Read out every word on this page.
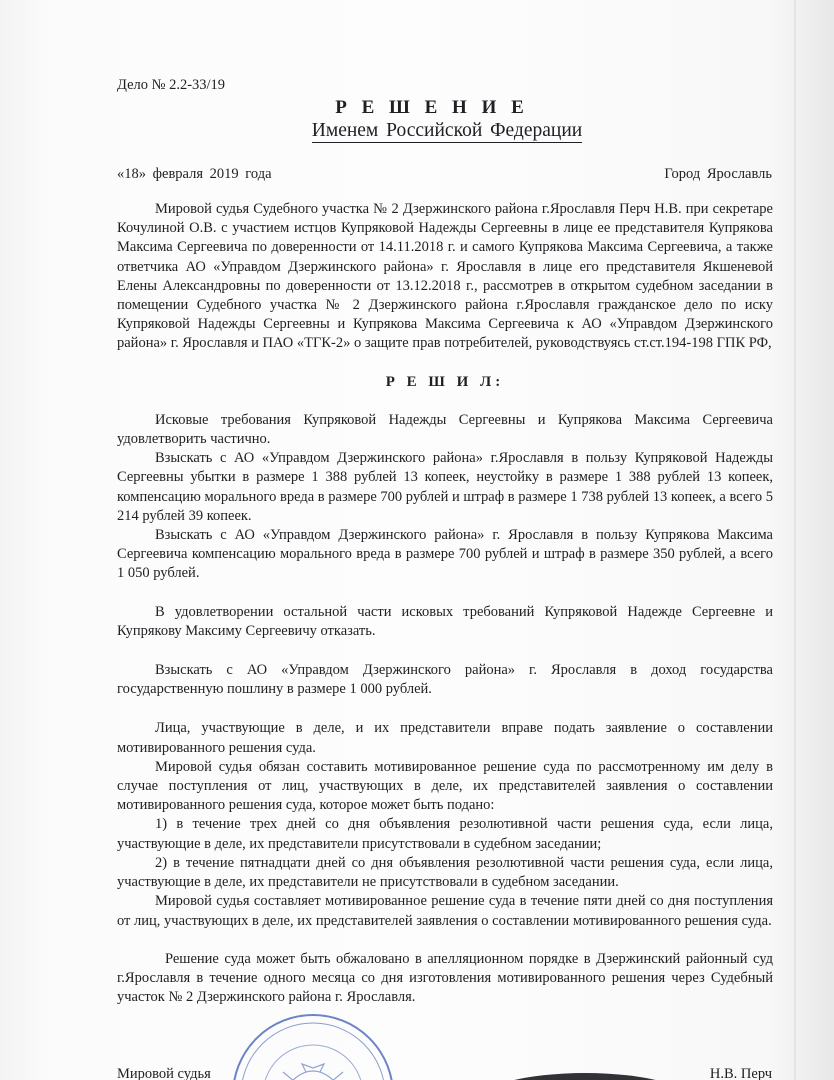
Дело № 2.2-33/19
Р Е Ш Е Н И Е
Именем Российской Федерации
«18» февраля 2019 года	Город Ярославль

Мировой судья Судебного участка № 2 Дзержинского района г.Ярославля Перч Н.В. при секретаре Кочулиной О.В. с участием истцов Купряковой Надежды Сергеевны в лице ее представителя Купрякова Максима Сергеевича по доверенности от 14.11.2018 г. и самого Купрякова Максима Сергеевича, а также ответчика АО «Управдом Дзержинского района» г. Ярославля в лице его представителя Якшеневой Елены Александровны по доверенности от 13.12.2018 г., рассмотрев в открытом судебном заседании в помещении Судебного участка № 2 Дзержинского района г.Ярославля гражданское дело по иску Купряковой Надежды Сергеевны и Купрякова Максима Сергеевича к АО «Управдом Дзержинского района» г. Ярославля и ПАО «ТГК-2» о защите прав потребителей, руководствуясь ст.ст.194-198 ГПК РФ,

Р Е Ш И Л:

Исковые требования Купряковой Надежды Сергеевны и Купрякова Максима Сергеевича удовлетворить частично.

Взыскать с АО «Управдом Дзержинского района» г.Ярославля в пользу Купряковой Надежды Сергеевны убытки в размере 1 388 рублей 13 копеек, неустойку в размере 1 388 рублей 13 копеек, компенсацию морального вреда в размере 700 рублей и штраф в размере 1 738 рублей 13 копеек, а всего 5 214 рублей 39 копеек.

Взыскать с АО «Управдом Дзержинского района» г. Ярославля в пользу Купрякова Максима Сергеевича компенсацию морального вреда в размере 700 рублей и штраф в размере 350 рублей, а всего 1 050 рублей.

В удовлетворении остальной части исковых требований Купряковой Надежде Сергеевне и Купрякову Максиму Сергеевичу отказать.

Взыскать с АО «Управдом Дзержинского района» г. Ярославля в доход государства государственную пошлину в размере 1 000 рублей.

Лица, участвующие в деле, и их представители вправе подать заявление о составлении мотивированного решения суда.

Мировой судья обязан составить мотивированное решение суда по рассмотренному им делу в случае поступления от лиц, участвующих в деле, их представителей заявления о составлении мотивированного решения суда, которое может быть подано:

1) в течение трех дней со дня объявления резолютивной части решения суда, если лица, участвующие в деле, их представители присутствовали в судебном заседании;

2) в течение пятнадцати дней со дня объявления резолютивной части решения суда, если лица, участвующие в деле, их представители не присутствовали в судебном заседании.

Мировой судья составляет мотивированное решение суда в течение пяти дней со дня поступления от лиц, участвующих в деле, их представителей заявления о составлении мотивированного решения суда.

Решение суда может быть обжаловано в апелляционном порядке в Дзержинский районный суд г.Ярославля в течение одного месяца со дня изготовления мотивированного решения через Судебный участок № 2 Дзержинского района г. Ярославля.

Мировой судья	Н.В. Перч
